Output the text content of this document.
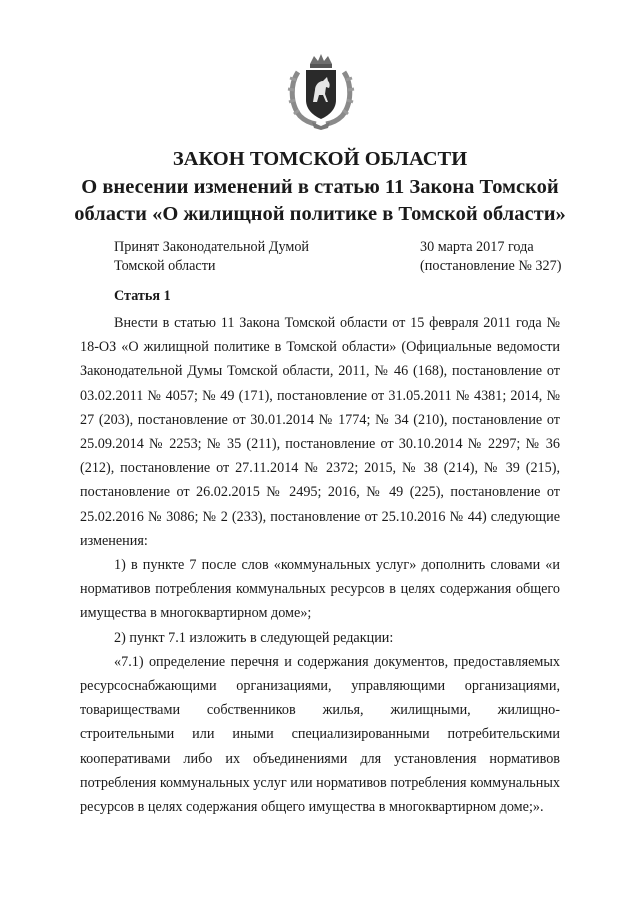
ЗАКОН ТОМСКОЙ ОБЛАСТИ
О внесении изменений в статью 11 Закона Томской
области «О жилищной политике в Томской области»
Принят Законодательной Думой
Томской области
30 марта 2017 года
(постановление № 327)
Статья 1

Внести в статью 11 Закона Томской области от 15 февраля 2011 года № 18-ОЗ «О жилищной политике в Томской области» (Официальные ведомости Законодательной Думы Томской области, 2011, № 46 (168), постановление от 03.02.2011 № 4057; № 49 (171), постановление от 31.05.2011 № 4381; 2014, № 27 (203), постановление от 30.01.2014 № 1774; № 34 (210), постановление от 25.09.2014 № 2253; № 35 (211), постановление от 30.10.2014 № 2297; № 36 (212), постановление от 27.11.2014 № 2372; 2015, № 38 (214), № 39 (215), постановление от 26.02.2015 № 2495; 2016, № 49 (225), постановление от 25.02.2016 № 3086; № 2 (233), постановление от 25.10.2016 № 44) следующие изменения:

1) в пункте 7 после слов «коммунальных услуг» дополнить словами «и нормативов потребления коммунальных ресурсов в целях содержания общего имущества в многоквартирном доме»;

2) пункт 7.1 изложить в следующей редакции:

«7.1) определение перечня и содержания документов, предоставляемых ресурсоснабжающими организациями, управляющими организациями, товариществами собственников жилья, жилищными, жилищно-строительными или иными специализированными потребительскими кооперативами либо их объединениями для установления нормативов потребления коммунальных услуг или нормативов потребления коммунальных ресурсов в целях содержания общего имущества в многоквартирном доме;».
